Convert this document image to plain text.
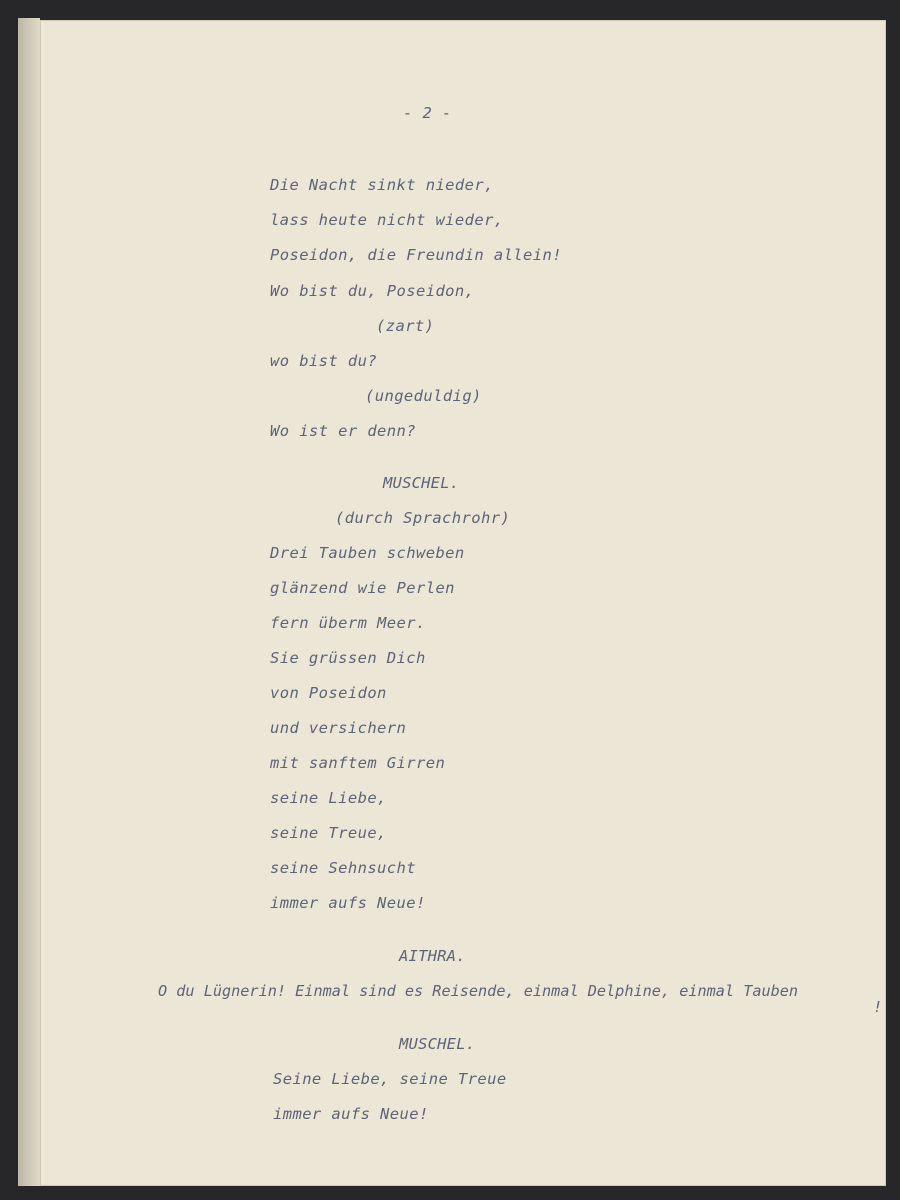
- 2 -
Die Nacht sinkt nieder,
lass heute nicht wieder,
Poseidon, die Freundin allein!
Wo bist du, Poseidon,
(zart)
wo bist du?
(ungeduldig)
Wo ist er denn?
MUSCHEL.
(durch Sprachrohr)
Drei Tauben schweben
glänzend wie Perlen
fern überm Meer.
Sie grüssen Dich
von Poseidon
und versichern
mit sanftem Girren
seine Liebe,
seine Treue,
seine Sehnsucht
immer aufs Neue!
AITHRA.
O du Lügnerin! Einmal sind es Reisende, einmal Delphine, einmal Tauben
!
MUSCHEL.
Seine Liebe, seine Treue
immer aufs Neue!
